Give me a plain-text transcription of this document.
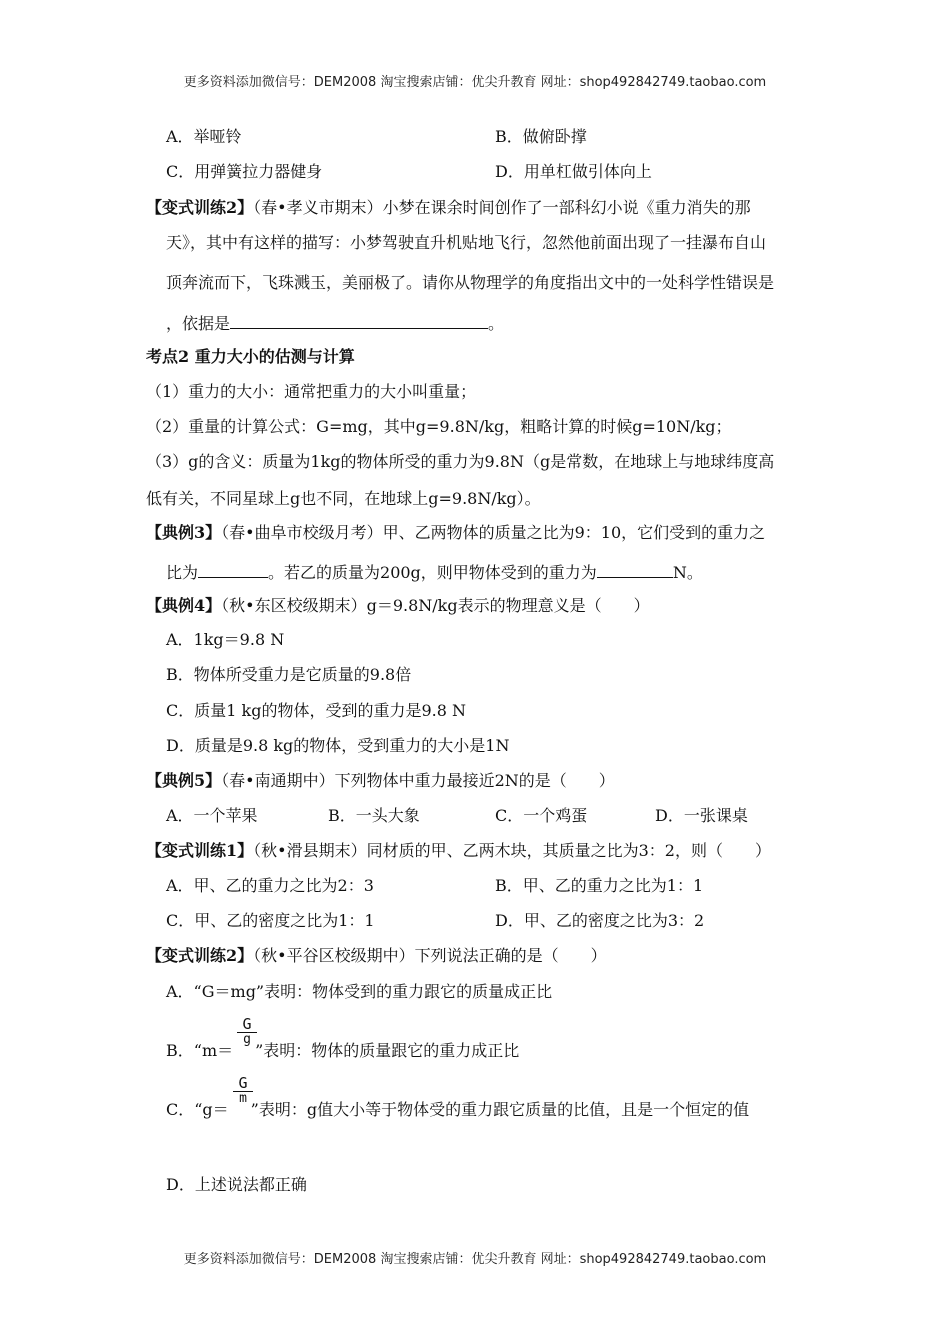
更多资料添加微信号：DEM2008 淘宝搜索店铺：优尖升教育 网址：shop492842749.taobao.com
A．举哑铃	B．做俯卧撑
C．用弹簧拉力器健身	D．用单杠做引体向上
【变式训练2】（春•孝义市期末）小梦在课余时间创作了一部科幻小说《重力消失的那
天》，其中有这样的描写：小梦驾驶直升机贴地飞行，忽然他前面出现了一挂瀑布自山
顶奔流而下，飞珠溅玉，美丽极了。请你从物理学的角度指出文中的一处科学性错误是
，依据是	。
考点2 重力大小的估测与计算
（1）重力的大小：通常把重力的大小叫重量；
（2）重量的计算公式：G=mg，其中g=9.8N/kg，粗略计算的时候g=10N/kg；
（3）g的含义：质量为1kg的物体所受的重力为9.8N（g是常数，在地球上与地球纬度高
低有关，不同星球上g也不同，在地球上g=9.8N/kg）。
【典例3】（春•曲阜市校级月考）甲、乙两物体的质量之比为9：10，它们受到的重力之
比为	。若乙的质量为200g，则甲物体受到的重力为	N。
【典例4】（秋•东区校级期末）g＝9.8N/kg表示的物理意义是（　　）
A．1kg＝9.8 N
B．物体所受重力是它质量的9.8倍
C．质量1 kg的物体，受到的重力是9.8 N
D．质量是9.8 kg的物体，受到重力的大小是1N
【典例5】（春•南通期中）下列物体中重力最接近2N的是（　　）
A．一个苹果	B．一头大象	C．一个鸡蛋	D．一张课桌
【变式训练1】（秋•滑县期末）同材质的甲、乙两木块，其质量之比为3：2，则（　　）
A．甲、乙的重力之比为2：3	B．甲、乙的重力之比为1：1
C．甲、乙的密度之比为1：1	D．甲、乙的密度之比为3：2
【变式训练2】（秋•平谷区校级期中）下列说法正确的是（　　）
A．“G＝mg”表明：物体受到的重力跟它的质量成正比
B．“m＝ ”表明：物体的质量跟它的重力成正比
$\frac{G}{g}$
C．“g＝ ”表明：g值大小等于物体受的重力跟它质量的比值，且是一个恒定的值
$\frac{G}{m}$
D．上述说法都正确
更多资料添加微信号：DEM2008 淘宝搜索店铺：优尖升教育 网址：shop492842749.taobao.com
